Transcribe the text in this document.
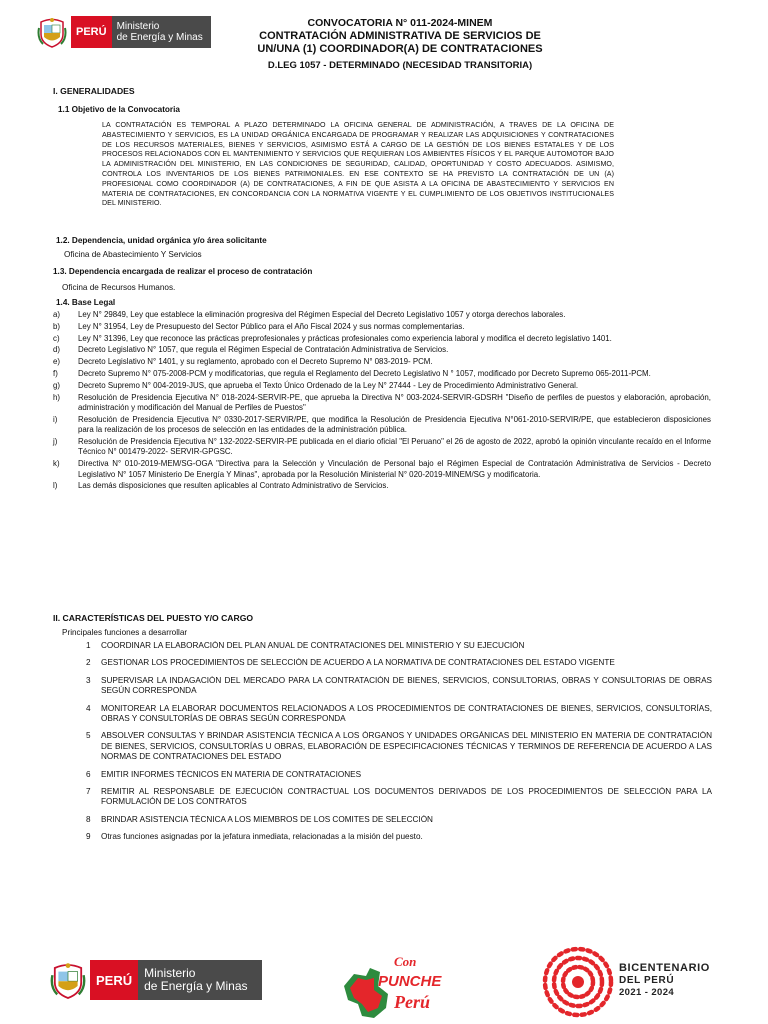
PERÚ	Ministerio
de Energía y Minas
CONVOCATORIA N° 011-2024-MINEM
CONTRATACIÓN ADMINISTRATIVA DE SERVICIOS DE
UN/UNA (1) COORDINADOR(A) DE CONTRATACIONES
D.LEG 1057 - DETERMINADO (NECESIDAD TRANSITORIA)
I. GENERALIDADES
1.1 Objetivo de la Convocatoria
LA CONTRATACIÓN ES TEMPORAL A PLAZO DETERMINADO LA OFICINA GENERAL DE ADMINISTRACIÓN, A TRAVES DE LA OFICINA DE ABASTECIMIENTO Y SERVICIOS, ES LA UNIDAD ORGÁNICA ENCARGADA DE PROGRAMAR Y REALIZAR LAS ADQUISICIONES Y CONTRATACIONES DE LOS RECURSOS MATERIALES, BIENES Y SERVICIOS, ASIMISMO ESTÁ A CARGO DE LA GESTIÓN DE LOS BIENES ESTATALES Y DE LOS PROCESOS RELACIONADOS CON EL MANTENIMIENTO Y SERVICIOS QUE REQUIERAN LOS AMBIENTES FÍSICOS Y EL PARQUE AUTOMOTOR BAJO LA ADMINISTRACIÓN DEL MINISTERIO, EN LAS CONDICIONES DE SEGURIDAD, CALIDAD, OPORTUNIDAD Y COSTO ADECUADOS. ASIMISMO, CONTROLA LOS INVENTARIOS DE LOS BIENES PATRIMONIALES. EN ESE CONTEXTO SE HA PREVISTO LA CONTRATACIÓN DE UN (A) PROFESIONAL COMO COORDINADOR (A) DE CONTRATACIONES, A FIN DE QUE ASISTA A LA OFICINA DE ABASTECIMIENTO Y SERVICIOS EN MATERIA DE CONTRATACIONES, EN CONCORDANCIA CON LA NORMATIVA VIGENTE Y EL CUMPLIMIENTO DE LOS OBJETIVOS INSTITUCIONALES DEL MINISTERIO.
1.2. Dependencia, unidad orgánica y/o área solicitante
Oficina de Abastecimiento Y Servicios
1.3. Dependencia encargada de realizar el proceso de contratación
Oficina de Recursos Humanos.
1.4. Base Legal
a)	Ley N° 29849, Ley que establece la eliminación progresiva del Régimen Especial del Decreto Legislativo 1057 y otorga derechos laborales.
b)	Ley N° 31954, Ley de Presupuesto del Sector Público para el Año Fiscal 2024 y sus normas complementarias.
c)	Ley N° 31396, Ley que reconoce las prácticas preprofesionales y prácticas profesionales como experiencia laboral y modifica el decreto legislativo 1401.
d)	Decreto Legislativo N° 1057, que regula el Régimen Especial de Contratación Administrativa de Servicios.
e)	Decreto Legislativo N° 1401, y su reglamento, aprobado con el Decreto Supremo N° 083-2019- PCM.
f)	Decreto Supremo N° 075-2008-PCM y modificatorias, que regula el Reglamento del Decreto Legislativo N ° 1057, modificado por Decreto Supremo 065-2011-PCM.
g)	Decreto Supremo N° 004-2019-JUS, que aprueba el Texto Único Ordenado de la Ley N° 27444 - Ley de Procedimiento Administrativo General.
h)	Resolución de Presidencia Ejecutiva N° 018-2024-SERVIR-PE, que aprueba la Directiva N° 003-2024-SERVIR-GDSRH "Diseño de perfiles de puestos y elaboración, aprobación, administración y modificación del Manual de Perfiles de Puestos"
i)	Resolución de Presidencia Ejecutiva N° 0330-2017-SERVIR/PE, que modifica la Resolución de Presidencia Ejecutiva N°061-2010-SERVIR/PE, que establecieron disposiciones para la realización de los procesos de selección en las entidades de la administración pública.
j)	Resolución de Presidencia Ejecutiva N° 132-2022-SERVIR-PE publicada en el diario oficial "El Peruano" el 26 de agosto de 2022, aprobó la opinión vinculante recaído en el Informe Técnico N° 001479-2022- SERVIR-GPGSC.
k)	Directiva N° 010-2019-MEM/SG-OGA "Directiva para la Selección y Vinculación de Personal bajo el Régimen Especial de Contratación Administrativa de Servicios - Decreto Legislativo N° 1057 Ministerio De Energía Y Minas", aprobada por la Resolución Ministerial N° 020-2019-MINEM/SG y modificatoria.
l)	Las demás disposiciones que resulten aplicables al Contrato Administrativo de Servicios.
II. CARACTERÍSTICAS DEL PUESTO Y/O CARGO
Principales funciones a desarrollar
1	COORDINAR LA ELABORACIÓN DEL PLAN ANUAL DE CONTRATACIONES DEL MINISTERIO Y SU EJECUCIÓN
2	GESTIONAR LOS PROCEDIMIENTOS DE SELECCIÓN DE ACUERDO A LA NORMATIVA DE CONTRATACIONES DEL ESTADO VIGENTE
3	SUPERVISAR LA INDAGACIÓN DEL MERCADO PARA LA CONTRATACIÓN DE BIENES, SERVICIOS, CONSULTORIAS, OBRAS Y CONSULTORIAS DE OBRAS SEGÚN CORRESPONDA
4	MONITOREAR LA ELABORAR DOCUMENTOS RELACIONADOS A LOS PROCEDIMIENTOS DE CONTRATACIONES DE BIENES, SERVICIOS, CONSULTORÍAS, OBRAS Y CONSULTORÍAS DE OBRAS SEGÚN CORRESPONDA
5	ABSOLVER CONSULTAS Y BRINDAR ASISTENCIA TÉCNICA A LOS ÓRGANOS Y UNIDADES ORGÁNICAS DEL MINISTERIO EN MATERIA DE CONTRATACIÓN DE BIENES, SERVICIOS, CONSULTORÍAS U OBRAS, ELABORACIÓN DE ESPECIFICACIONES TÉCNICAS Y TERMINOS DE REFERENCIA DE ACUERDO A LAS NORMAS DE CONTRATACIONES DEL ESTADO
6	EMITIR INFORMES TÉCNICOS EN MATERIA DE CONTRATACIONES
7	REMITIR AL RESPONSABLE DE EJECUCIÓN CONTRACTUAL LOS DOCUMENTOS DERIVADOS DE LOS PROCEDIMIENTOS DE SELECCIÓN PARA LA FORMULACIÓN DE LOS CONTRATOS
8	BRINDAR ASISTENCIA TÉCNICA A LOS MIEMBROS DE LOS COMITES DE SELECCIÓN
9	Otras funciones asignadas por la jefatura inmediata, relacionadas a la misión del puesto.
PERÚ	Ministerio
de Energía y Minas
Con
PUNCHE
Perú
BICENTENARIO
DEL PERÚ
2021 - 2024
